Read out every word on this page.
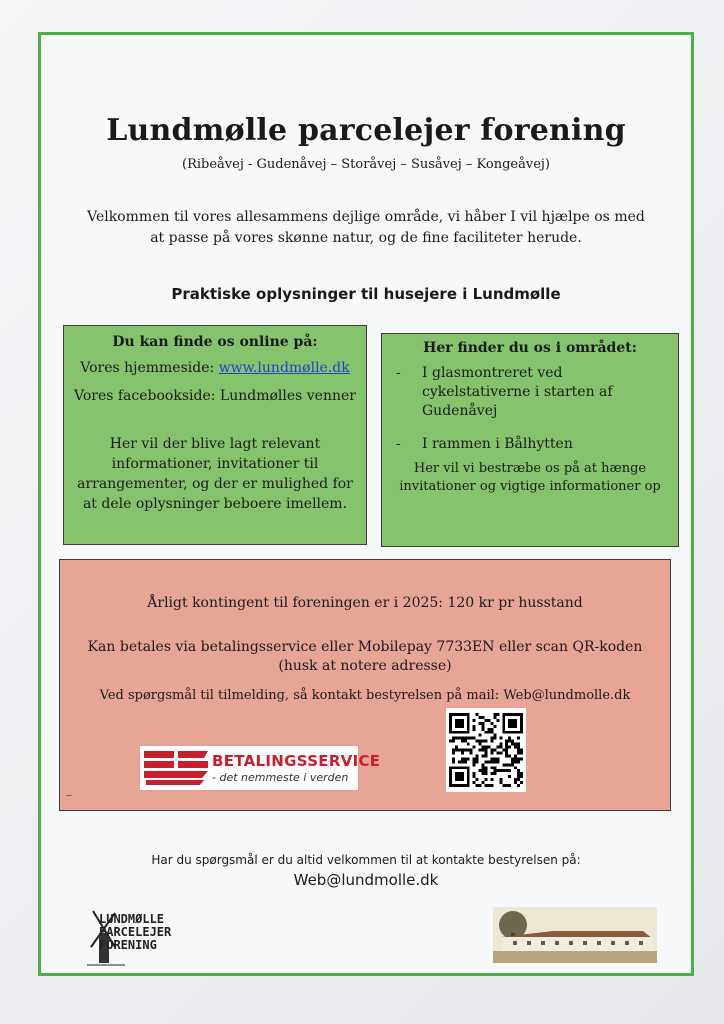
Lundmølle parcelejer forening
(Ribeåvej - Gudenåvej – Storåvej – Susåvej – Kongeåvej)
Velkommen til vores allesammens dejlige område, vi håber I vil hjælpe os med at passe på vores skønne natur, og de fine faciliteter herude.
Praktiske oplysninger til husejere i Lundmølle
Du kan finde os online på:
Vores hjemmeside: www.lundmølle.dk
Vores facebookside: Lundmølles venner
Her vil der blive lagt relevant informationer, invitationer til arrangementer, og der er mulighed for at dele oplysninger beboere imellem.
Her finder du os i området:
-	I glasmontreret ved cykelstativerne i starten af Gudenåvej
-	I rammen i Bålhytten
Her vil vi bestræbe os på at hænge invitationer og vigtige informationer op
Årligt kontingent til foreningen er i 2025: 120 kr pr husstand
Kan betales via betalingsservice eller Mobilepay 7733EN eller scan QR-koden (husk at notere adresse)
Ved spørgsmål til tilmelding, så kontakt bestyrelsen på mail: Web@lundmolle.dk
BETALINGSSERVICE
- det nemmeste i verden
–
Har du spørgsmål er du altid velkommen til at kontakte bestyrelsen på:
Web@lundmolle.dk
LUNDMØLLE
PARCELEJER
FORENING
